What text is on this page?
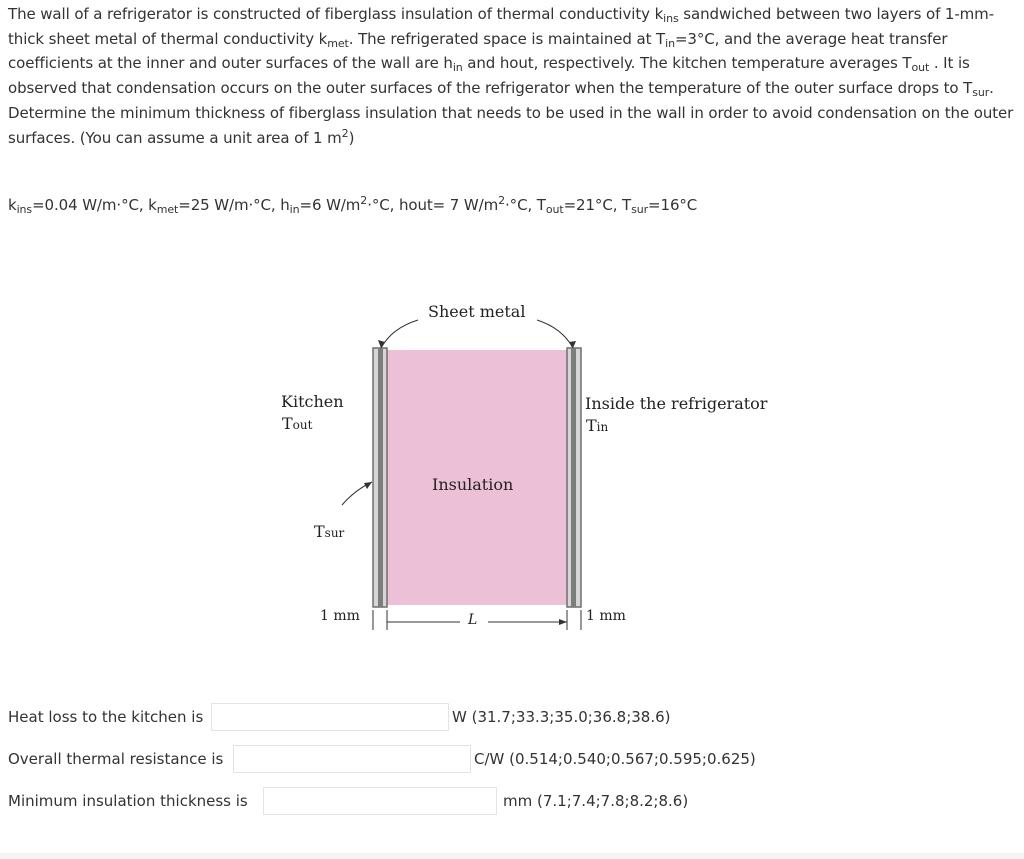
The wall of a refrigerator is constructed of fiberglass insulation of thermal conductivity $k_{ins}$ sandwiched between two layers of 1-mm-thick sheet metal of thermal conductivity $k_{met}$. The refrigerated space is maintained at $T_{in}=3^\circ C$, and the average heat transfer coefficients at the inner and outer surfaces of the wall are $h_{in}$ and hout, respectively. The kitchen temperature averages $T_{out}$ . It is observed that condensation occurs on the outer surfaces of the refrigerator when the temperature of the outer surface drops to $T_{sur}$. Determine the minimum thickness of fiberglass insulation that needs to be used in the wall in order to avoid condensation on the outer surfaces. (You can assume a unit area of 1 $m^2$)

$k_{ins}=0.04$ W/m·°C, $k_{met}=25$ W/m·°C, $h_{in}=6$ $W/m^2\cdot^\circ C$, hout= 7 $W/m^2\cdot^\circ C$, $T_{out}=21^\circ C$, $T_{sur}=16^\circ C$

Sheet metal
Kitchen
Tout
Inside the refrigerator
Tin
Insulation
Tsur
1 mm	1 mm
L
Heat loss to the kitchen is	W (31.7;33.3;35.0;36.8;38.6)
Overall thermal resistance is	C/W (0.514;0.540;0.567;0.595;0.625)
Minimum insulation thickness is	mm (7.1;7.4;7.8;8.2;8.6)
